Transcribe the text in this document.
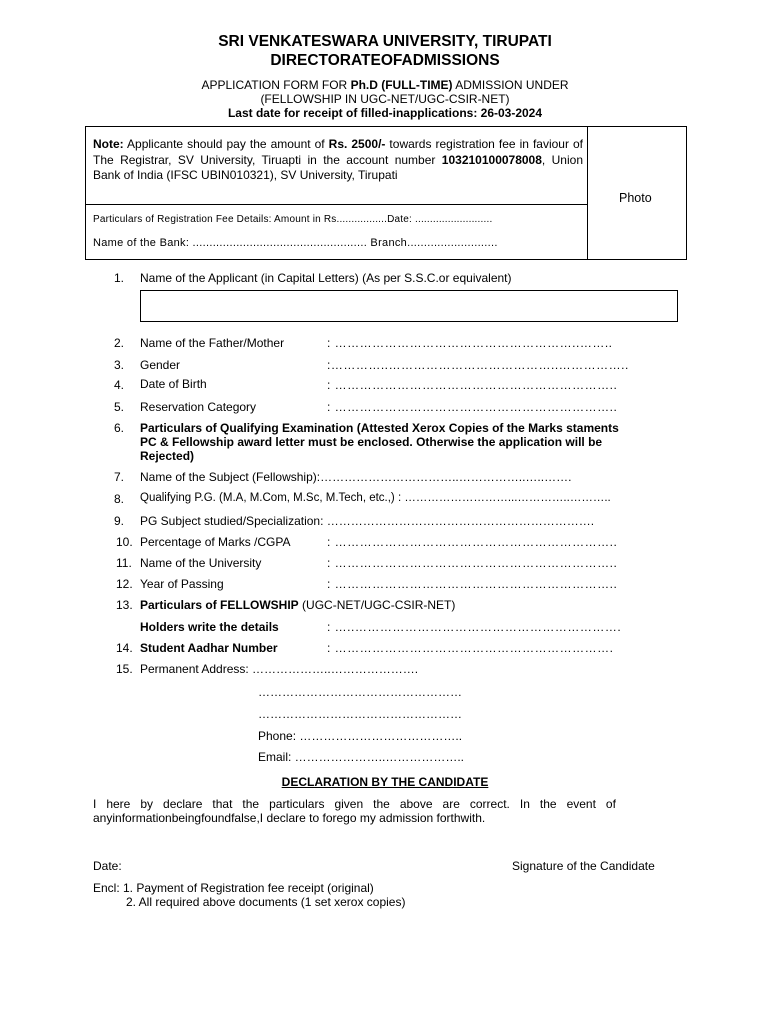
SRI VENKATESWARA UNIVERSITY, TIRUPATI
DIRECTORATEOFADMISSIONS
APPLICATION FORM FOR Ph.D (FULL-TIME) ADMISSION UNDER
(FELLOWSHIP IN UGC-NET/UGC-CSIR-NET)
Last date for receipt of filled-inapplications: 26-03-2024
Photo
Note: Applicante should pay the amount of Rs. 2500/- towards registration fee in faviour of The Registrar, SV University, Tiruapti in the account number 103210100078008, Union Bank of India (IFSC UBIN010321), SV University, Tirupati
Particulars of Registration Fee Details: Amount in Rs.................Date: ..........................
Name of the Bank: .................................................... Branch...........................
1. Name of the Applicant (in Capital Letters) (As per S.S.C.or equivalent)
2. Name of the Father/Mother	: …………………………………………………..……..
3. Gender	:…………..…………………………………..……………..
4. Date of Birth	: …………………………………………………………..
5. Reservation Category	: …………………………………………………………..
6. Particulars of Qualifying Examination (Attested Xerox Copies of the Marks staments
PC & Fellowship award letter must be enclosed. Otherwise the application will be
Rejected)
7. Name of the Subject (Fellowship):……………………………..……………..…..…….
8. Qualifying P.G. (M.A, M.Com, M.Sc, M.Tech, etc.,) : ………………………...…………..………..
9. PG Subject studied/Specialization: ………………………………………………………….
10. Percentage of Marks /CGPA	: …………………………………………………………..
11. Name of the University	: …………………………………………………………..
12. Year of Passing	: …………………………………………………………..
13. Particulars of FELLOWSHIP (UGC-NET/UGC-CSIR-NET)
Holders write the details	: …..……………………………………………………….
14. Student Aadhar Number	: ………………………………………………………….
15. Permanent Address: ………………..………………….
……………………………………………
……………………………………………
Phone: …………………………………..
Email: …………………..………………..
DECLARATION BY THE CANDIDATE
I   here   by   declare   that   the   particulars   given   the   above   are   correct.   In   the   event   of
anyinformationbeingfoundfalse,I declare to forego my admission forthwith.
Date:	Signature of the Candidate
Encl: 1. Payment of Registration fee receipt (original)
2. All required above documents (1 set xerox copies)
